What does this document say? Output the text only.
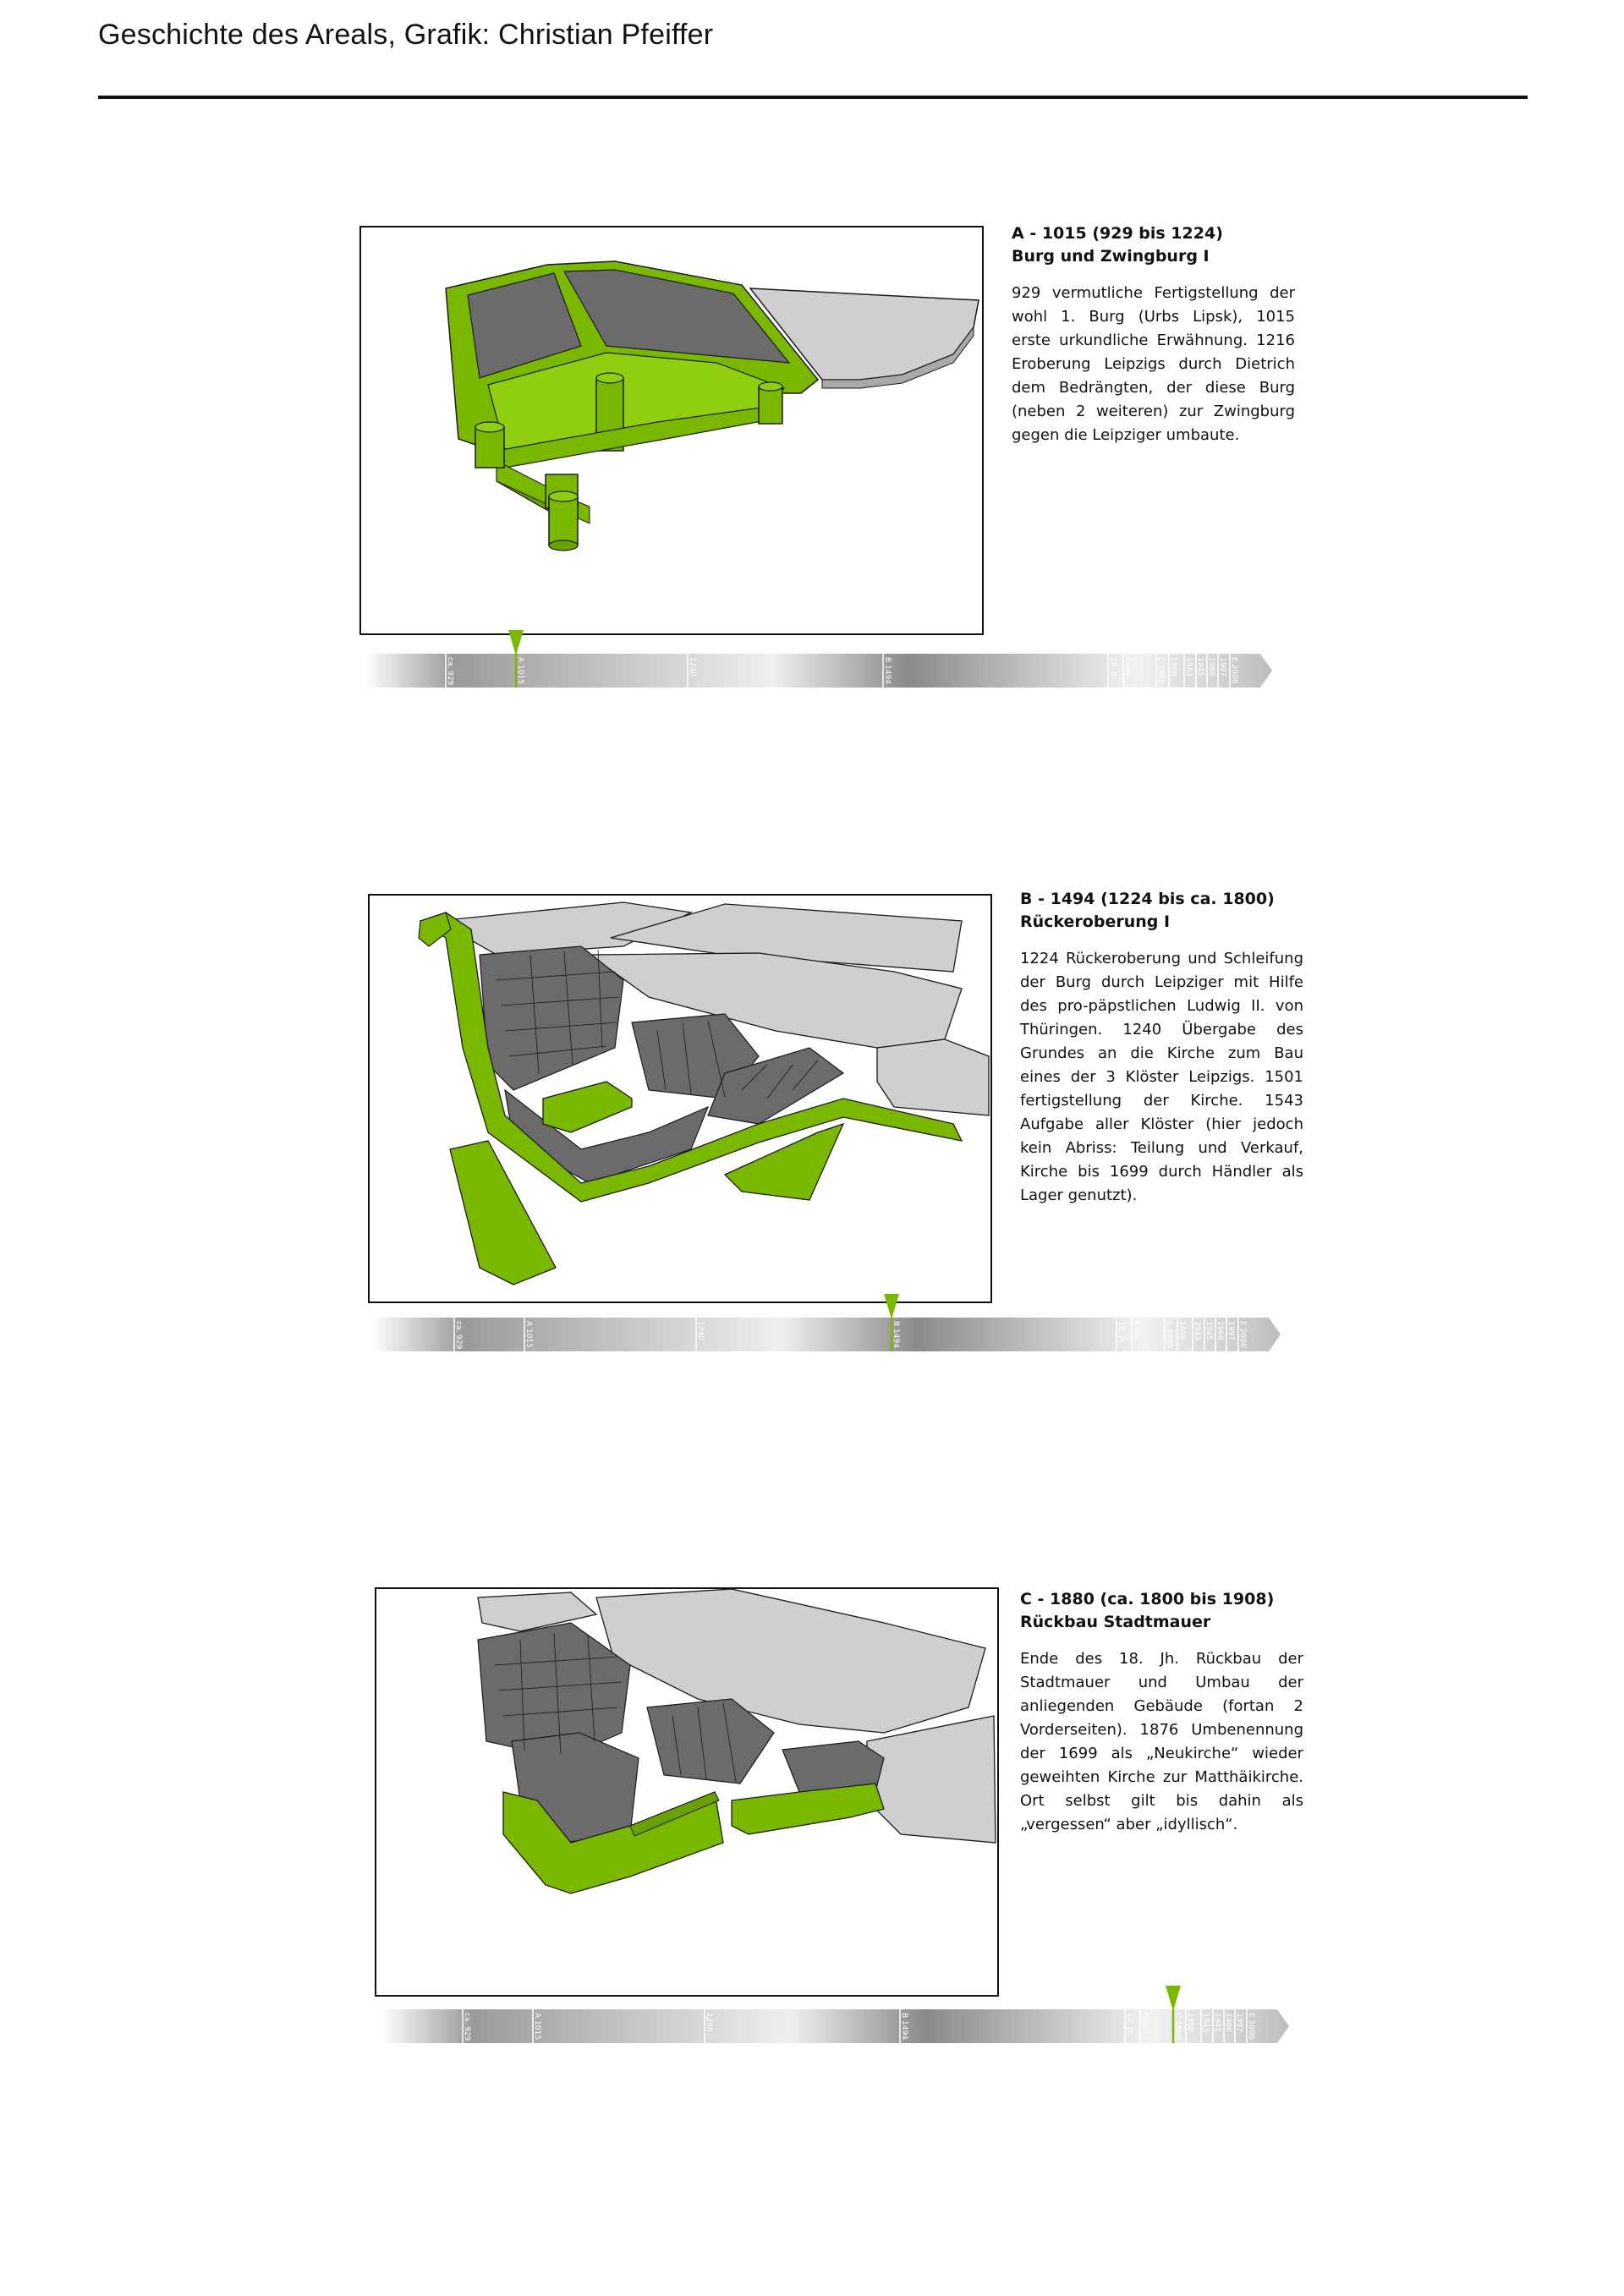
Geschichte des Areals, Grafik: Christian Pfeiffer
A - 1015 (929 bis 1224)
Burg und Zwingburg I
929 vermutliche Fertigstellung der wohl 1. Burg (Urbs Lipsk), 1015 erste urkundliche Erwähnung. 1216 Eroberung Leipzigs durch Dietrich dem Bedrängten, der diese Burg (neben 2 weiteren) zur Zwingburg gegen die Leipziger umbaute.
ca. 929	A 1015	1240	B 1494	18. Jh. Ende	C 1880 1908 1943 1945 1968 1997 E 2006
B - 1494 (1224 bis ca. 1800)
Rückeroberung I
1224 Rückeroberung und Schleifung der Burg durch Leipziger mit Hilfe des pro-päpstlichen Ludwig II. von Thüringen. 1240 Übergabe des Grundes an die Kirche zum Bau eines der 3 Klöster Leipzigs. 1501 fertigstellung der Kirche. 1543 Aufgabe aller Klöster (hier jedoch kein Abriss: Teilung und Verkauf, Kirche bis 1699 durch Händler als Lager genutzt).
ca. 929	A 1015	1240	B 1494	18. Jh. Ende	C 1880 1908 1943 1945 1968 1997 E 2006
C - 1880 (ca. 1800 bis 1908)
Rückbau Stadtmauer
Ende des 18. Jh. Rückbau der Stadtmauer und Umbau der anliegenden Gebäude (fortan 2 Vorderseiten). 1876 Umbenennung der 1699 als „Neukirche“ wieder geweihten Kirche zur Matthäikirche. Ort selbst gilt bis dahin als „vergessen“ aber „idyllisch“.
ca. 929	A 1015	1240	B 1494	18. Jh. Ende	C 1880 1908 1943 1945 1968 1997 E 2006
